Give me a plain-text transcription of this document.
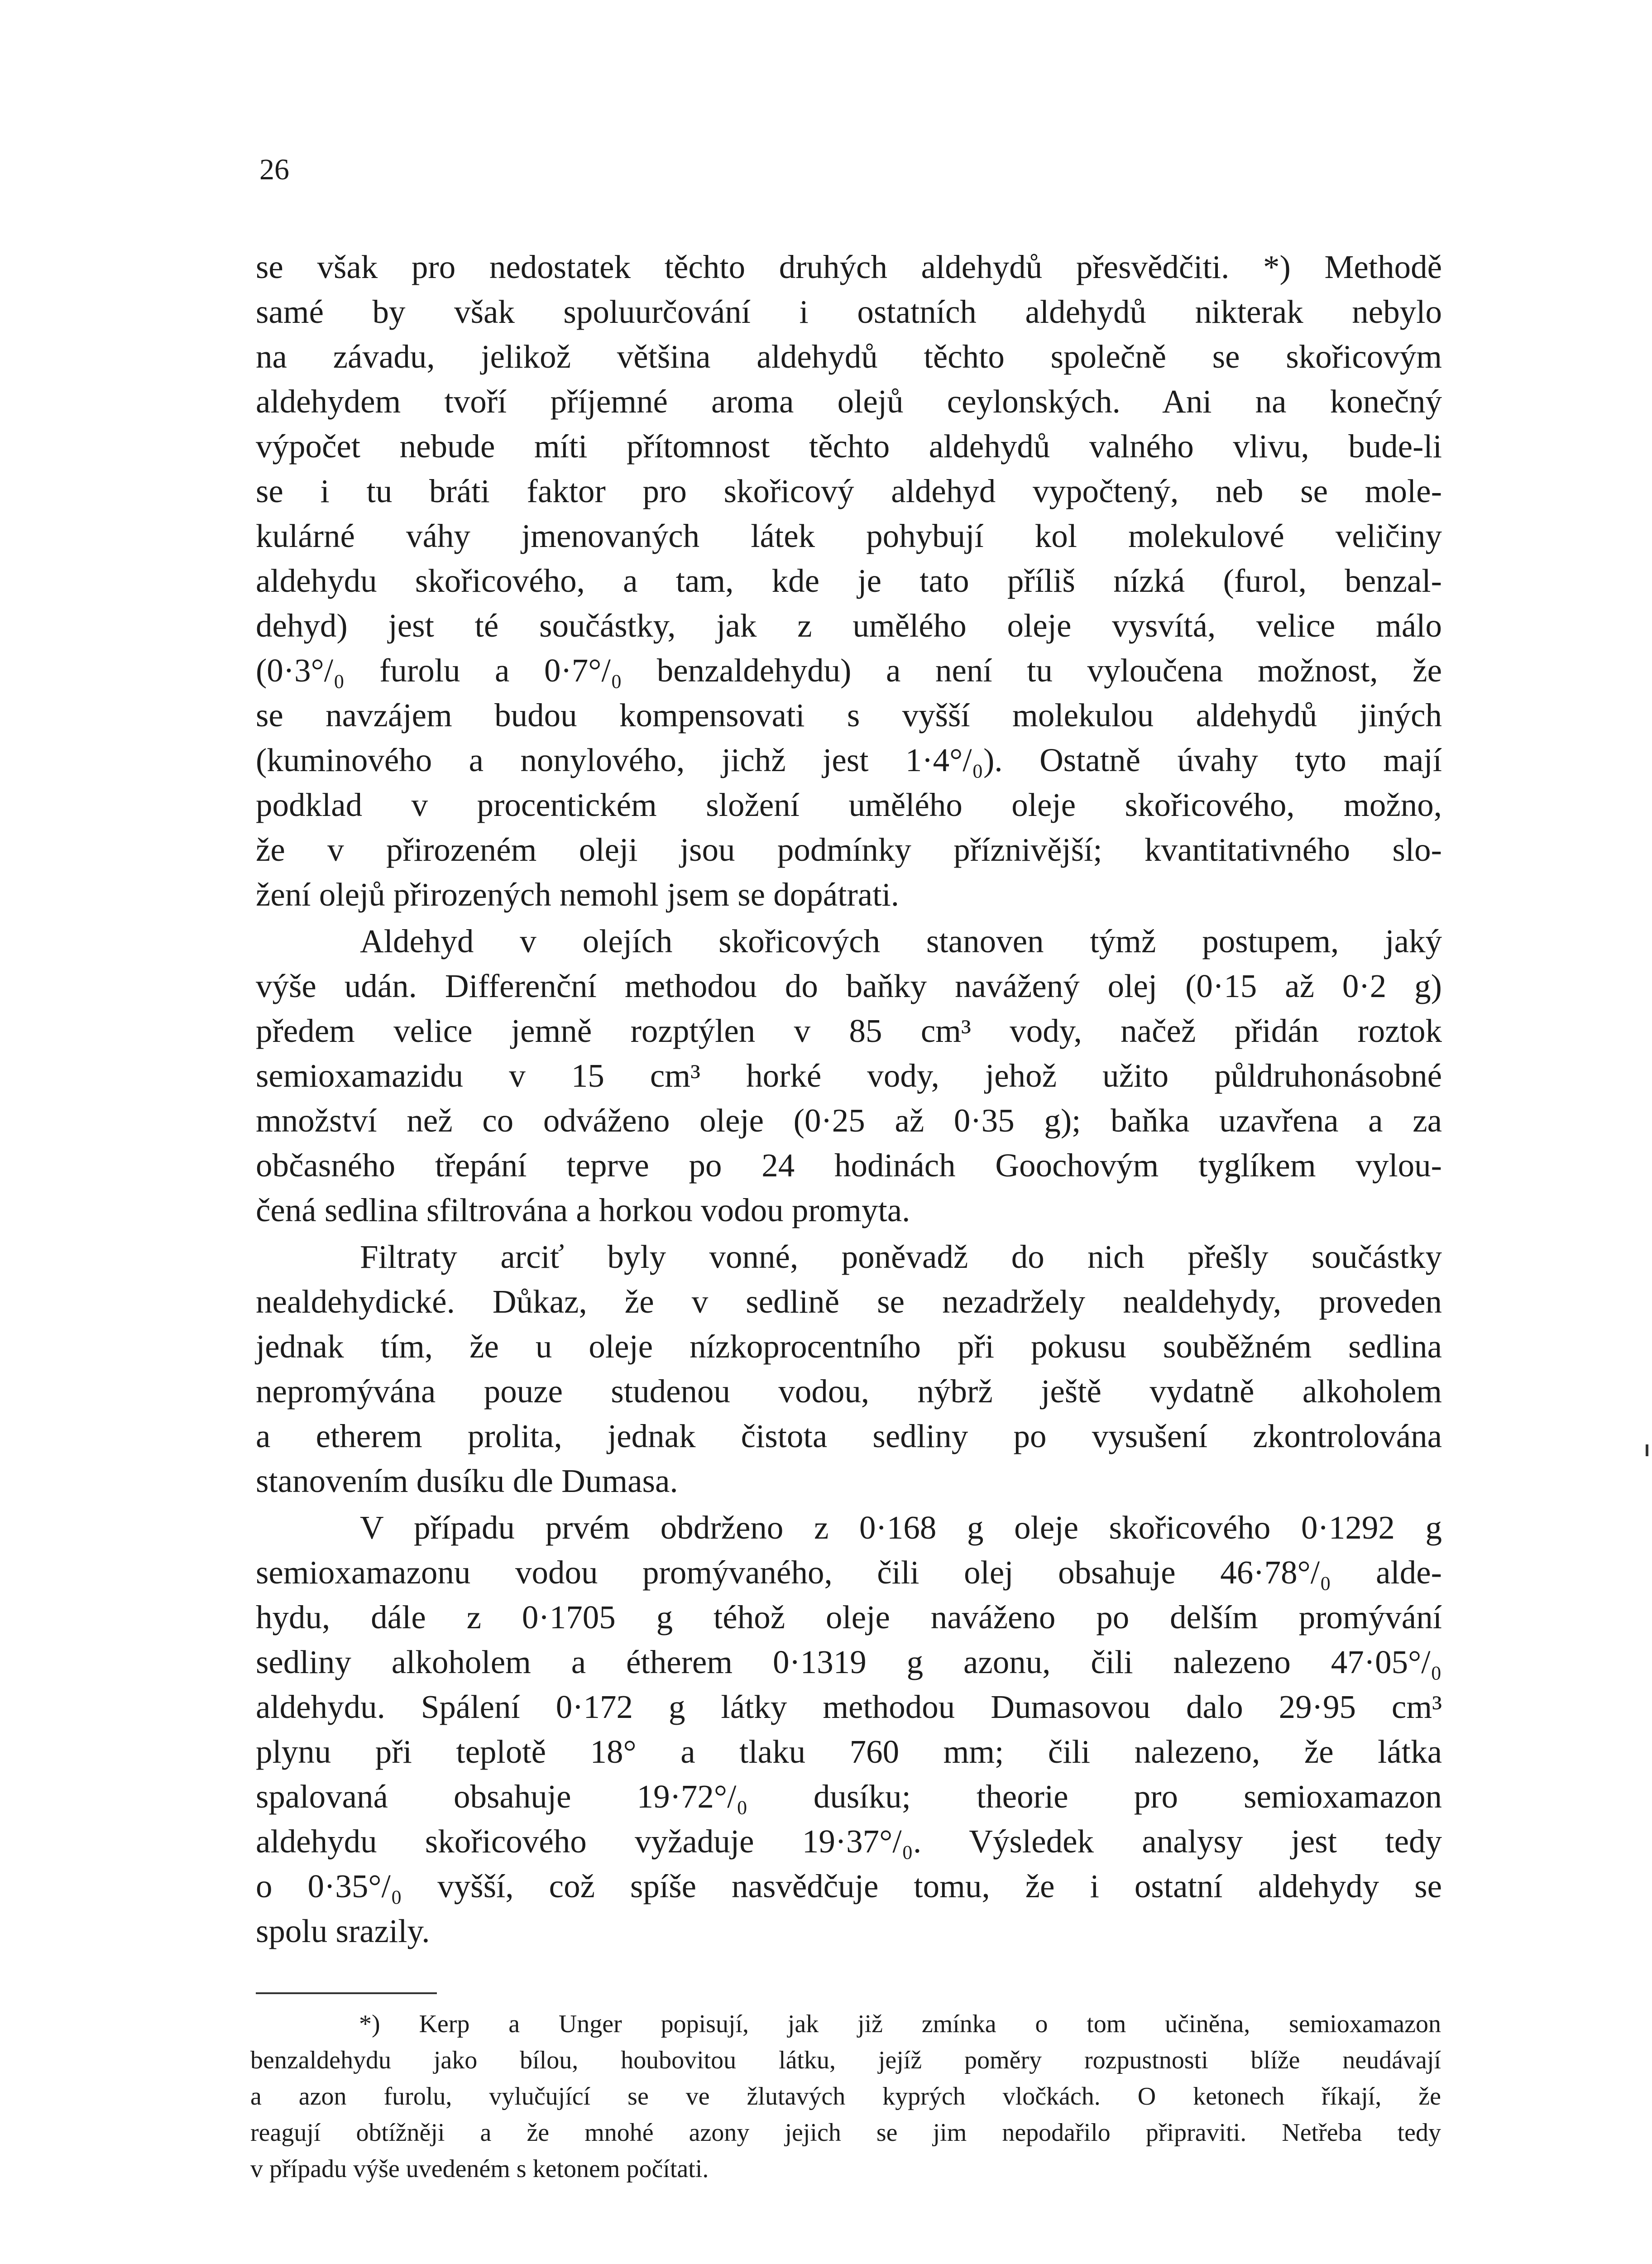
26

se však pro nedostatek těchto druhých aldehydů přesvědčiti. *) Methodě
samé by však spoluurčování i ostatních aldehydů nikterak nebylo
na závadu, jelikož většina aldehydů těchto společně se skořicovým
aldehydem tvoří příjemné aroma olejů ceylonských. Ani na konečný
výpočet nebude míti přítomnost těchto aldehydů valného vlivu, bude-li
se i tu bráti faktor pro skořicový aldehyd vypočtený, neb se mole-
kulárné váhy jmenovaných látek pohybují kol molekulové veličiny
aldehydu skořicového, a tam, kde je tato příliš nízká (furol, benzal-
dehyd) jest té součástky, jak z umělého oleje vysvítá, velice málo
(0·3°/₀ furolu a 0·7°/₀ benzaldehydu) a není tu vyloučena možnost, že
se navzájem budou kompensovati s vyšší molekulou aldehydů jiných
(kuminového a nonylového, jichž jest 1·4°/₀). Ostatně úvahy tyto mají
podklad v procentickém složení umělého oleje skořicového, možno,
že v přirozeném oleji jsou podmínky příznivější; kvantitativného slo-
žení olejů přirozených nemohl jsem se dopátrati.

Aldehyd v olejích skořicových stanoven týmž postupem, jaký
výše udán. Differenční methodou do baňky navážený olej (0·15 až 0·2 g)
předem velice jemně rozptýlen v 85 cm³ vody, načež přidán roztok
semioxamazidu v 15 cm³ horké vody, jehož užito půldruhonásobné
množství než co odváženo oleje (0·25 až 0·35 g); baňka uzavřena a za
občasného třepání teprve po 24 hodinách Goochovým tyglíkem vylou-
čená sedlina sfiltrována a horkou vodou promyta.

Filtraty arciť byly vonné, poněvadž do nich přešly součástky
nealdehydické. Důkaz, že v sedlině se nezadržely nealdehydy, proveden
jednak tím, že u oleje nízkoprocentního při pokusu souběžném sedlina
nepromývána pouze studenou vodou, nýbrž ještě vydatně alkoholem
a etherem prolita, jednak čistota sedliny po vysušení zkontrolována
stanovením dusíku dle Dumasa.

V případu prvém obdrženo z 0·168 g oleje skořicového 0·1292 g
semioxamazonu vodou promývaného, čili olej obsahuje 46·78°/₀ alde-
hydu, dále z 0·1705 g téhož oleje naváženo po delším promývání
sedliny alkoholem a étherem 0·1319 g azonu, čili nalezeno 47·05°/₀
aldehydu. Spálení 0·172 g látky methodou Dumasovou dalo 29·95 cm³
plynu při teplotě 18° a tlaku 760 mm; čili nalezeno, že látka
spalovaná obsahuje 19·72°/₀ dusíku; theorie pro semioxamazon
aldehydu skořicového vyžaduje 19·37°/₀. Výsledek analysy jest tedy
o 0·35°/₀ vyšší, což spíše nasvědčuje tomu, že i ostatní aldehydy se
spolu srazily.

*) Kerp a Unger popisují, jak již zmínka o tom učiněna, semioxamazon
benzaldehydu jako bílou, houbovitou látku, jejíž poměry rozpustnosti blíže neudávají
a azon furolu, vylučující se ve žlutavých kyprých vločkách. O ketonech říkají, že
reagují obtížněji a že mnohé azony jejich se jim nepodařilo připraviti. Netřeba tedy
v případu výše uvedeném s ketonem počítati.
